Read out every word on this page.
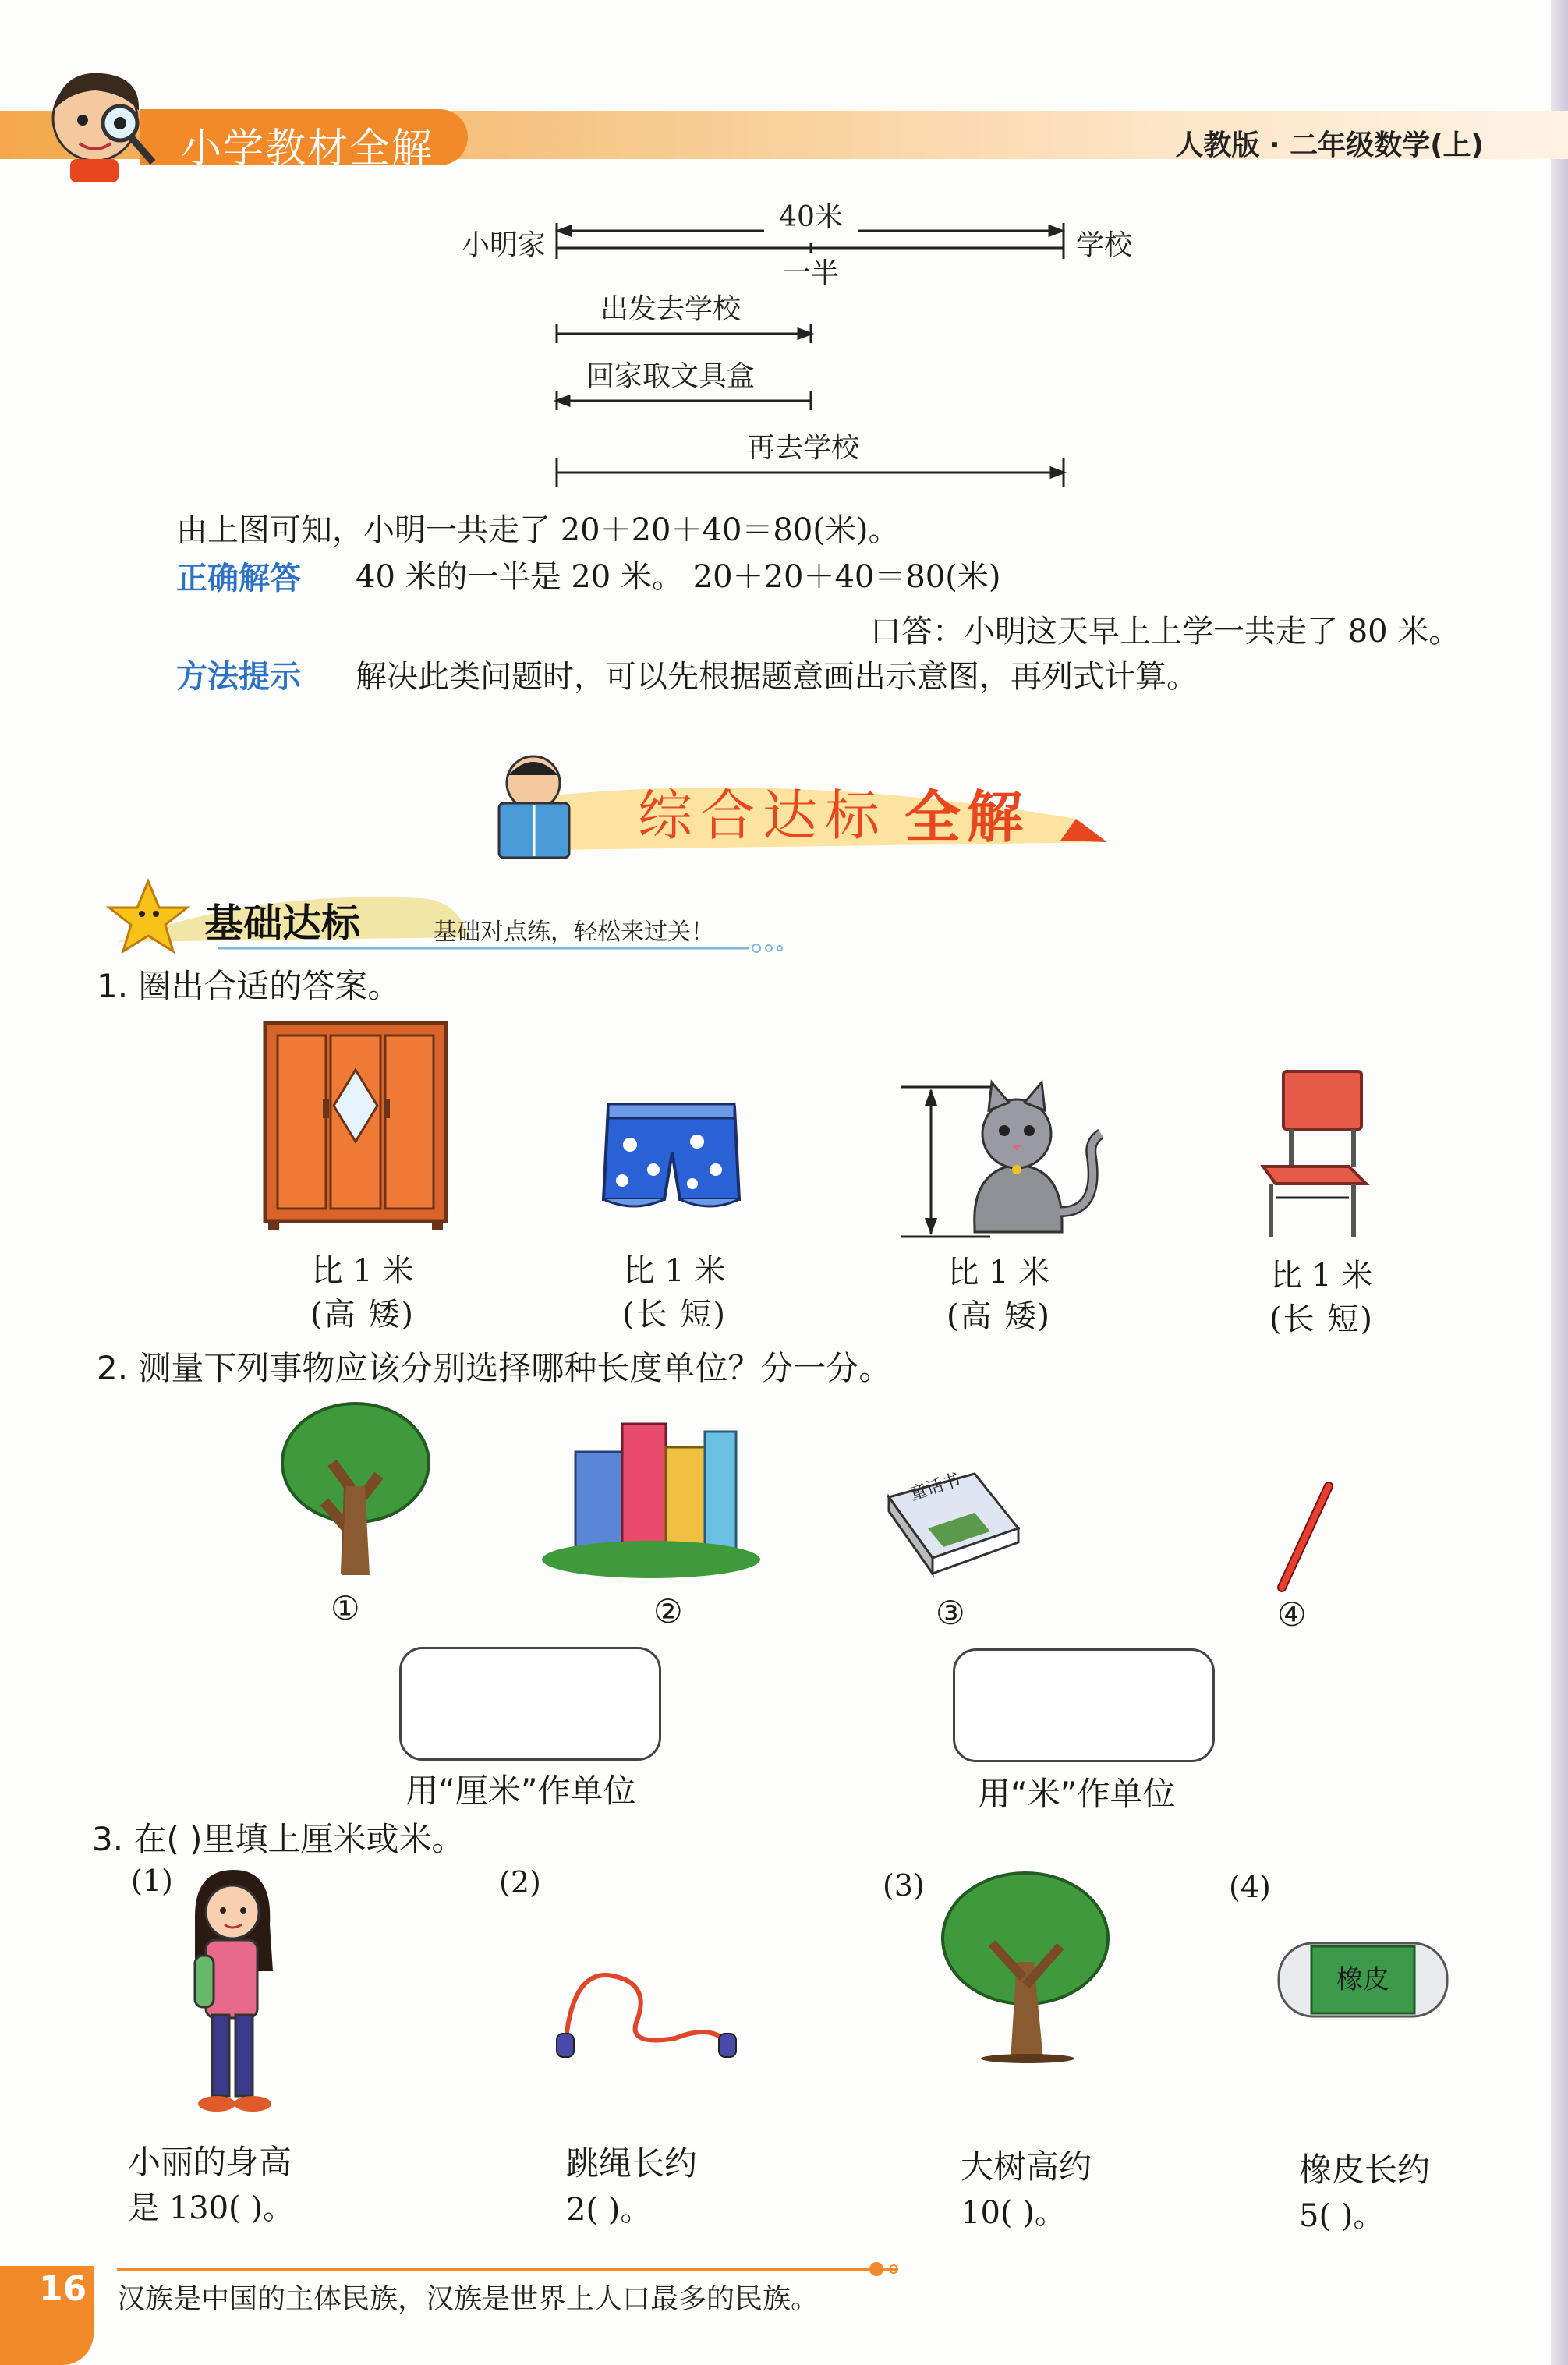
小学教材全解	人教版 · 二年级数学(上)
小明家	学校
40米
一半
出发去学校
回家取文具盒
再去学校
由上图可知，小明一共走了 20＋20＋40＝80(米)。
正确解答 40 米的一半是 20 米。 20＋20＋40＝80(米)
口答：小明这天早上上学一共走了 80 米。
方法提示 解决此类问题时，可以先根据题意画出示意图，再列式计算。
综合达标 全解
基础达标	基础对点练，轻松来过关！
1. 圈出合适的答案。
比 1 米
(高 矮)
比 1 米
(长 短)
比 1 米
(高 矮)
比 1 米
(长 短)
2. 测量下列事物应该分别选择哪种长度单位？分一分。
童话书
①	②	③	④
用“厘米”作单位	用“米”作单位
3. 在( )里填上厘米或米。
(1)	(2)	(3)	(4)
橡皮
小丽的身高
是 130( )。
跳绳长约
2( )。
大树高约
10( )。
橡皮长约
5( )。
16 汉族是中国的主体民族，汉族是世界上人口最多的民族。
